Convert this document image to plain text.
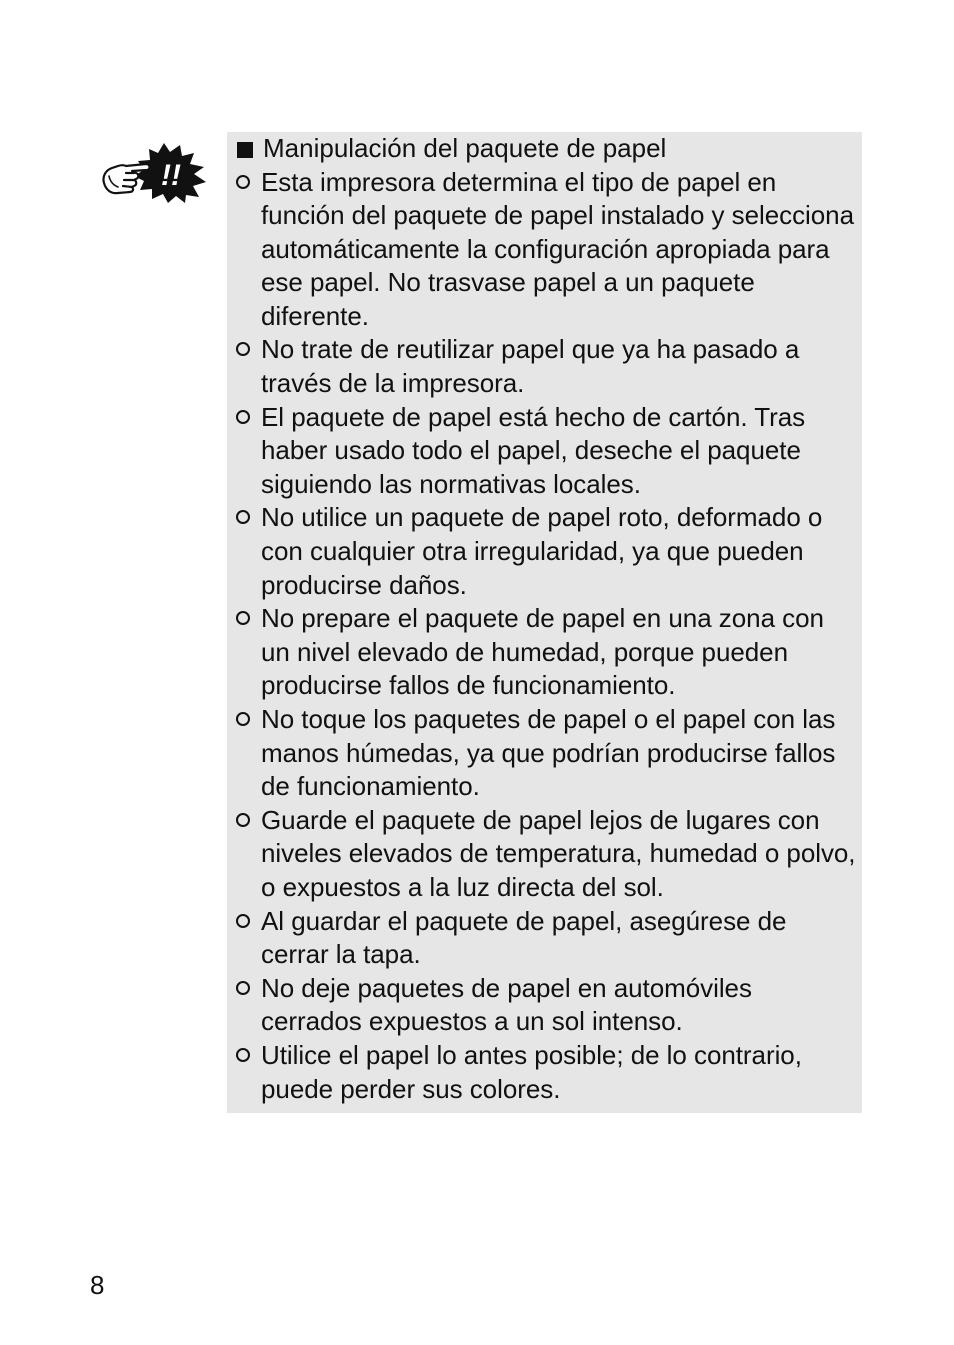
!!
Manipulación del paquete de papel
Esta impresora determina el tipo de papel en función del paquete de papel instalado y selecciona automáticamente la configuración apropiada para ese papel. No trasvase papel a un paquete diferente.
No trate de reutilizar papel que ya ha pasado a través de la impresora.
El paquete de papel está hecho de cartón. Tras haber usado todo el papel, deseche el paquete siguiendo las normativas locales.
No utilice un paquete de papel roto, deformado o con cualquier otra irregularidad, ya que pueden producirse daños.
No prepare el paquete de papel en una zona con un nivel elevado de humedad, porque pueden producirse fallos de funcionamiento.
No toque los paquetes de papel o el papel con las manos húmedas, ya que podrían producirse fallos de funcionamiento.
Guarde el paquete de papel lejos de lugares con niveles elevados de temperatura, humedad o polvo, o expuestos a la luz directa del sol.
Al guardar el paquete de papel, asegúrese de cerrar la tapa.
No deje paquetes de papel en automóviles cerrados expuestos a un sol intenso.
Utilice el papel lo antes posible; de lo contrario, puede perder sus colores.
8
